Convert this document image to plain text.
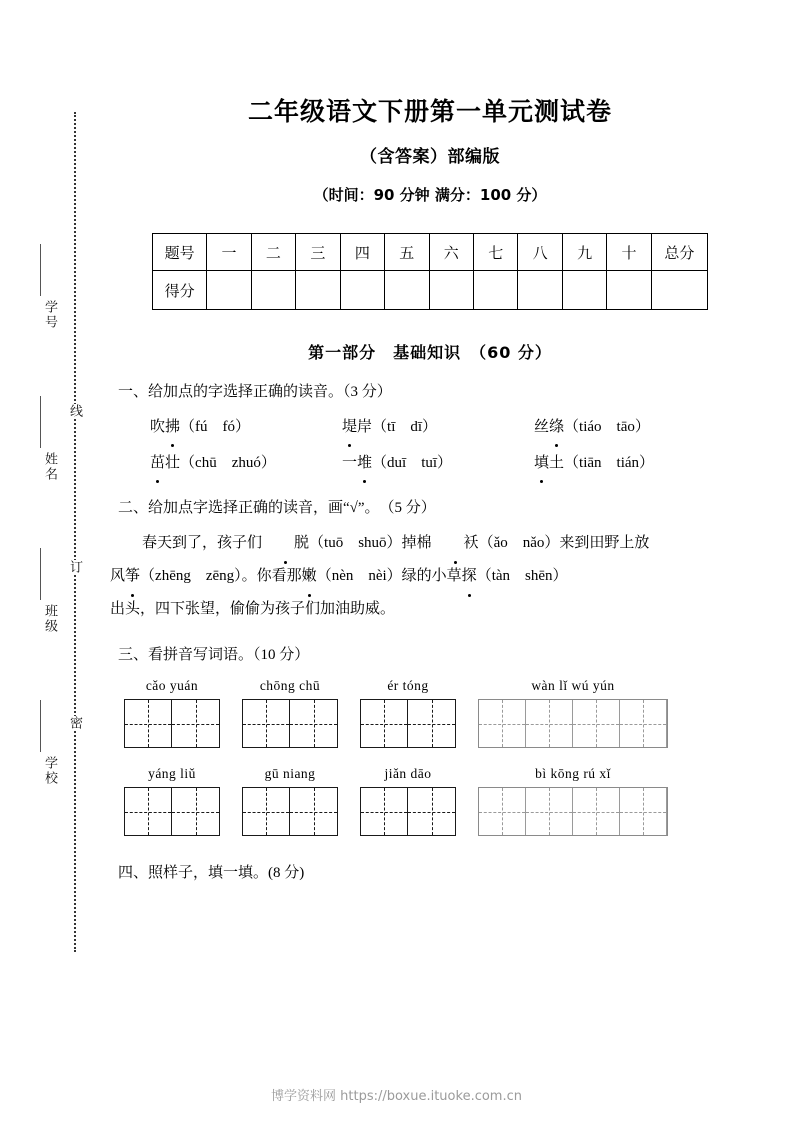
线
订
密
学号
姓名
班级
学校
二年级语文下册第一单元测试卷
（含答案）部编版
（时间：90 分钟 满分：100 分）
题号	一	二	三	四	五	六	七	八	九	十	总分
得分											
第一部分　基础知识　（60 分）
一、给加点的字选择正确的读音。（3 分）
吹拂（fú　fó）	堤岸（tī　dī）	丝绦（tiáo　tāo）
茁壮（chū　zhuó）	一堆（duī　tuī）	填土（tiān　tián）
二、给加点字选择正确的读音，画“√”。　（5 分）
春天到了，孩子们 脱（tuō　shuō）掉棉 袄（ǎo　nǎo）来到田野上放
风筝（zhēng　zēng）。你看那嫩（nèn　nèi）绿的小草探（tàn　shēn）
出头，四下张望，偷偷为孩子们加油助威。
三、看拼音写词语。（10 分）
cǎo yuán	chōng chū	ér tóng	wàn lǐ wú yún
yáng liǔ	gū niang	jiǎn dāo	bì kōng rú xǐ
四、照样子，填一填。(8 分)
博学资料网 https://boxue.ituoke.com.cn
